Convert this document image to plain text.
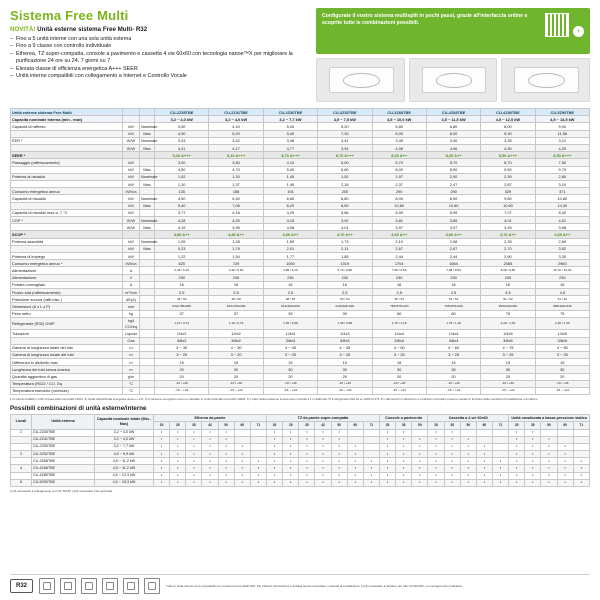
Sistema Free Multi
NOVITÀ! Unità esterne sistema Free Multi- R32
– Fino a 5 unità interne con una sola unità esterna
– Fino a 9 classe con controllo individuale
– Etherea, TZ super-compatta, console a pavimento e cassetta 4 vie 60x60 con tecnologia nanoe™X per migliorare la purificazione 24 ore su 24, 7 giorni su 7
– Elevata classe di efficienza energetica A+++ SEER
– Unità interne compatibili con collegamento a Internet e Controllo Vocale
Configurate il vostro sistema multisplit in pochi passi, grazie all'interfaccia online e scoprite tutte le combinazioni possibili.
›
Unità esterna sistema Free Multi			CU-2Z35TBE	CU-2Z41TBE	CU-2Z50TBE	CU-3Z52TBE	CU-3Z68TBE	CU-4Z68TBE	CU-4Z80TBE	CU-5Z90TBE
Capacità nominale interna (min - max)			3,2 ~ 4,0 kW	3,2 ~ 4,0 kW	4,2 ~ 7,7 kW	4,5 ~ 7,5 kW	4,5 ~ 10,0 kW	4,5 ~ 11,5 kW	4,5 ~ 12,0 kW	4,5 ~ 13,5 kW
Capacità di raffresc.	kW	Nominale	3,50	4,10	5,00	5,20	6,80	6,80	8,00	9,00
	kW	Max	4,50	5,20	5,40	7,30	8,00	8,00	9,30	11,58
EER *	W/W	Nominale	3,43	3,42	3,46	3,41	3,45	3,40	3,35	3,21
	W/W	Max	4,41	4,17	4,77	3,91	4,06	4,06	4,30	4,29
SEER *			9,10 A+++	9,10 A+++	8,70 A+++	8,70 A+++	8,20 A++	8,20 A++	8,50 A+++	8,50 A+++
Passaggio (raffrescamento)	kW		3,00	3,50	4,10	5,00	5,70	5,70	6,70	7,50
	kW	Max	4,50	4,70	5,40	6,60	8,00	8,00	9,50	9,70
Potenza al riscaldo	kW	Nominale	1,02	1,20	1,45	1,52	1,97	2,00	2,39	2,80
	kW	Max	1,10	1,37	1,49	2,16	2,37	2,47	2,87	3,10
Consumo energetico annuo	kWh/a		135	158	191	200	290	290	329	371
Capacità di riscaldo	kW	Nominale	4,50	5,40	6,60	6,80	8,00	8,00	9,60	10,80
	kW	Max	5,40	7,08	8,20	8,50	10,60	10,60	10,60	14,00
Capacità di riscaldo max a -7 °C	kW		3,77	4,18	4,29	5,66	5,99	5,99	7,07	8,42
COP *	W/W	Nominale	4,28	4,20	4,15	3,92	3,81	3,85	4,01	4,01
	W/W	Max	4,19	3,95	4,08	4,01	3,97	3,97	3,93	3,98
SCOP *			4,80 A++	4,80 A++	4,60 A++	4,70 A++	4,60 A++	4,60 A++	4,70 A++	4,60 A++
Potenza assorbita	kW	Nominale	1,05	1,28	1,59	1,73	2,10	2,08	2,39	2,69
	kW	Max	0,23	1,79	2,01	2,11	2,67	2,67	2,70	3,52
Potenza di impiego	kW		1,22	1,54	1,77	1,85	2,44	2,44	2,90	3,30
Consumo energetico annuo *	kWh/a		525	729	1050	1019	1704	1664	2085	2960
Alimentazione	A		2,49 / 6,16	3,42 / 5,60	4,89 / 6,16	5,70 / 8,80	7,68 / 8,50	7,68 / 8,50	8,60 / 9,50	10,70 / 10,40
Alimentazione	V		230	230	230	230	230	230	230	230
Portata convogliato	A		16	16	16	16	16	16	16	16
Flusso aria (raffrescamento)	m³/min		2,5	2,5	2,5	2,5	2,5	2,5	4,5	4,5
Pressione sonora (raffr./risc.)	dB(A)		46 / 50	48 / 50	48 / 52	50 / 54	50 / 54	51 / 52	51 / 52	51 / 54
Dimensioni (A x L x P)	mm		542x780x289	542x780x289	619x824x299	619x824x299	795x875x320	795x875x320	995x940x340	996x940x340
Peso netto	kg		37	37	39	39	60	60	75	75
Refrigerante (R32) GWP	kg/t CO2eq		1,10 / 0,74	1,10 / 0,74	1,45 / 0,98	1,45 / 0,98	1,75 / 1,18	1,75 / 1,18	2,20 / 1,49	2,20 / 1,49
Tubazioni	Liquido		1/4x2	1/4x2	1/4x3	1/4x3	1/4x4	1/4x4	1/4x5	1/4x5
	Gas		3/8x2	3/8x2	3/8x3	3/8x3	3/8x4	3/8x4	3/8x5	3/8x5
Gamma di lunghezza totale dei tubi	m		4 ~ 30	4 ~ 30	4 ~ 45	4 ~ 45	4 ~ 60	4 ~ 60	4 ~ 75	4 ~ 80
Gamma di lunghezza locale dei tubi	m		3 ~ 20	3 ~ 20	3 ~ 25	3 ~ 25	3 ~ 25	3 ~ 25	3 ~ 25	3 ~ 25
Differenza in dislivello max	m		15	15	15	15	15	15	15	15
Lunghezza dei tubi senza ricarica	m		20	20	30	30	30	30	30	30
Quantità aggiuntiva di gas	g/m		20	20	20	20	20	20	20	20
Temperatura (R022 / CO, Gq	°C		-10 / +46	-10 / +46	-10 / +46	-10 / +46	-10 / +46	-10 / +46	-10 / +46	-10 / +46
Temperatura esercizio (min/max)	°C		-15 ~ +24	-15 ~ +24	-15 ~ +24	-15 ~ +24	-15 ~ +24	-15 ~ +24	-15 ~ +24	-15 ~ +24
1) Il calcolo di EER e COP si basa sulla norma EN 14511. 2) Scala dell'etichetta energetica da A+++ a D. 3) Il consumo energetico annuo è calcolato in conformità alla norma EN 14825. 4) I valori della pressione sonora sono misurati a 1 m dall'unità. 5) Il refrigerante R32 ha un GWP di 675. 6) I dati tecnici si riferiscono a condizioni nominali e possono variare in funzione delle condizioni d'installazione e di utilizzo.
Possibili combinazioni di unità esterne/interne
Locali	Unità esterna	Capacità nominale totale (Min - Max)	Etherea da parete							TZ da parete super-compatta							Console a pavimento			Cassetta a 4 vie 60x60					Unità canalizzata a bassa pressione statica				
			20	25	35	42	50	60	71	20	25	35	42	50	60	71	25	35	50	25	35	50	60	71	25	35	50	60	71
2	CU-2Z35TBE	3,2 ~ 4,0 kW	•	•	•	•	•			•	•	•	•	•			•	•		•	•				•	•			
	CU-2Z41TBE	3,2 ~ 4,0 kW	•	•	•	•	•			•	•	•	•	•			•	•	•	•	•	•			•	•	•		
	CU-2Z50TBE	3,2 ~ 7,7 kW	•	•	•	•	•	•		•	•	•	•	•	•		•	•	•	•	•	•	•		•	•	•	•	
3	CU-3Z52TBE	4,5 ~ 9,9 kW	•	•	•	•	•	•		•	•	•	•	•	•		•	•	•	•	•	•	•		•	•	•	•	
	CU-3Z68TBE	4,5 ~ 11,2 kW	•	•	•	•	•	•	•	•	•	•	•	•	•	•	•	•	•	•	•	•	•	•	•	•	•	•	•
4	CU-4Z68TBE	4,5 ~ 11,2 kW	•	•	•	•	•	•	•	•	•	•	•	•	•	•	•	•	•	•	•	•	•	•	•	•	•	•	•
	CU-4Z80TBE	4,5 ~ 12,3 kW	•	•	•	•	•	•	•	•	•	•	•	•	•	•	•	•	•	•	•	•	•	•	•	•	•	•	•
5	CU-5Z90TBE	4,5 ~ 15,3 kW	•	•	•	•	•	•	•	•	•	•	•	•	•	•	•	•	•	•	•	•	•	•	•	•	•	•	•
(1) È necessario il collegamento con CZ-TAF1P. (2) È necessario il kit opzionale.
R32	Tutte le unità interne sono compatibili con il sistema Free Multi R32. Per ulteriori informazioni e dettagli tecnici consultare i manuali di installazione. (1) È necessario il riduttore per tubi CZ-MA2PA. Le immagini sono indicative.
